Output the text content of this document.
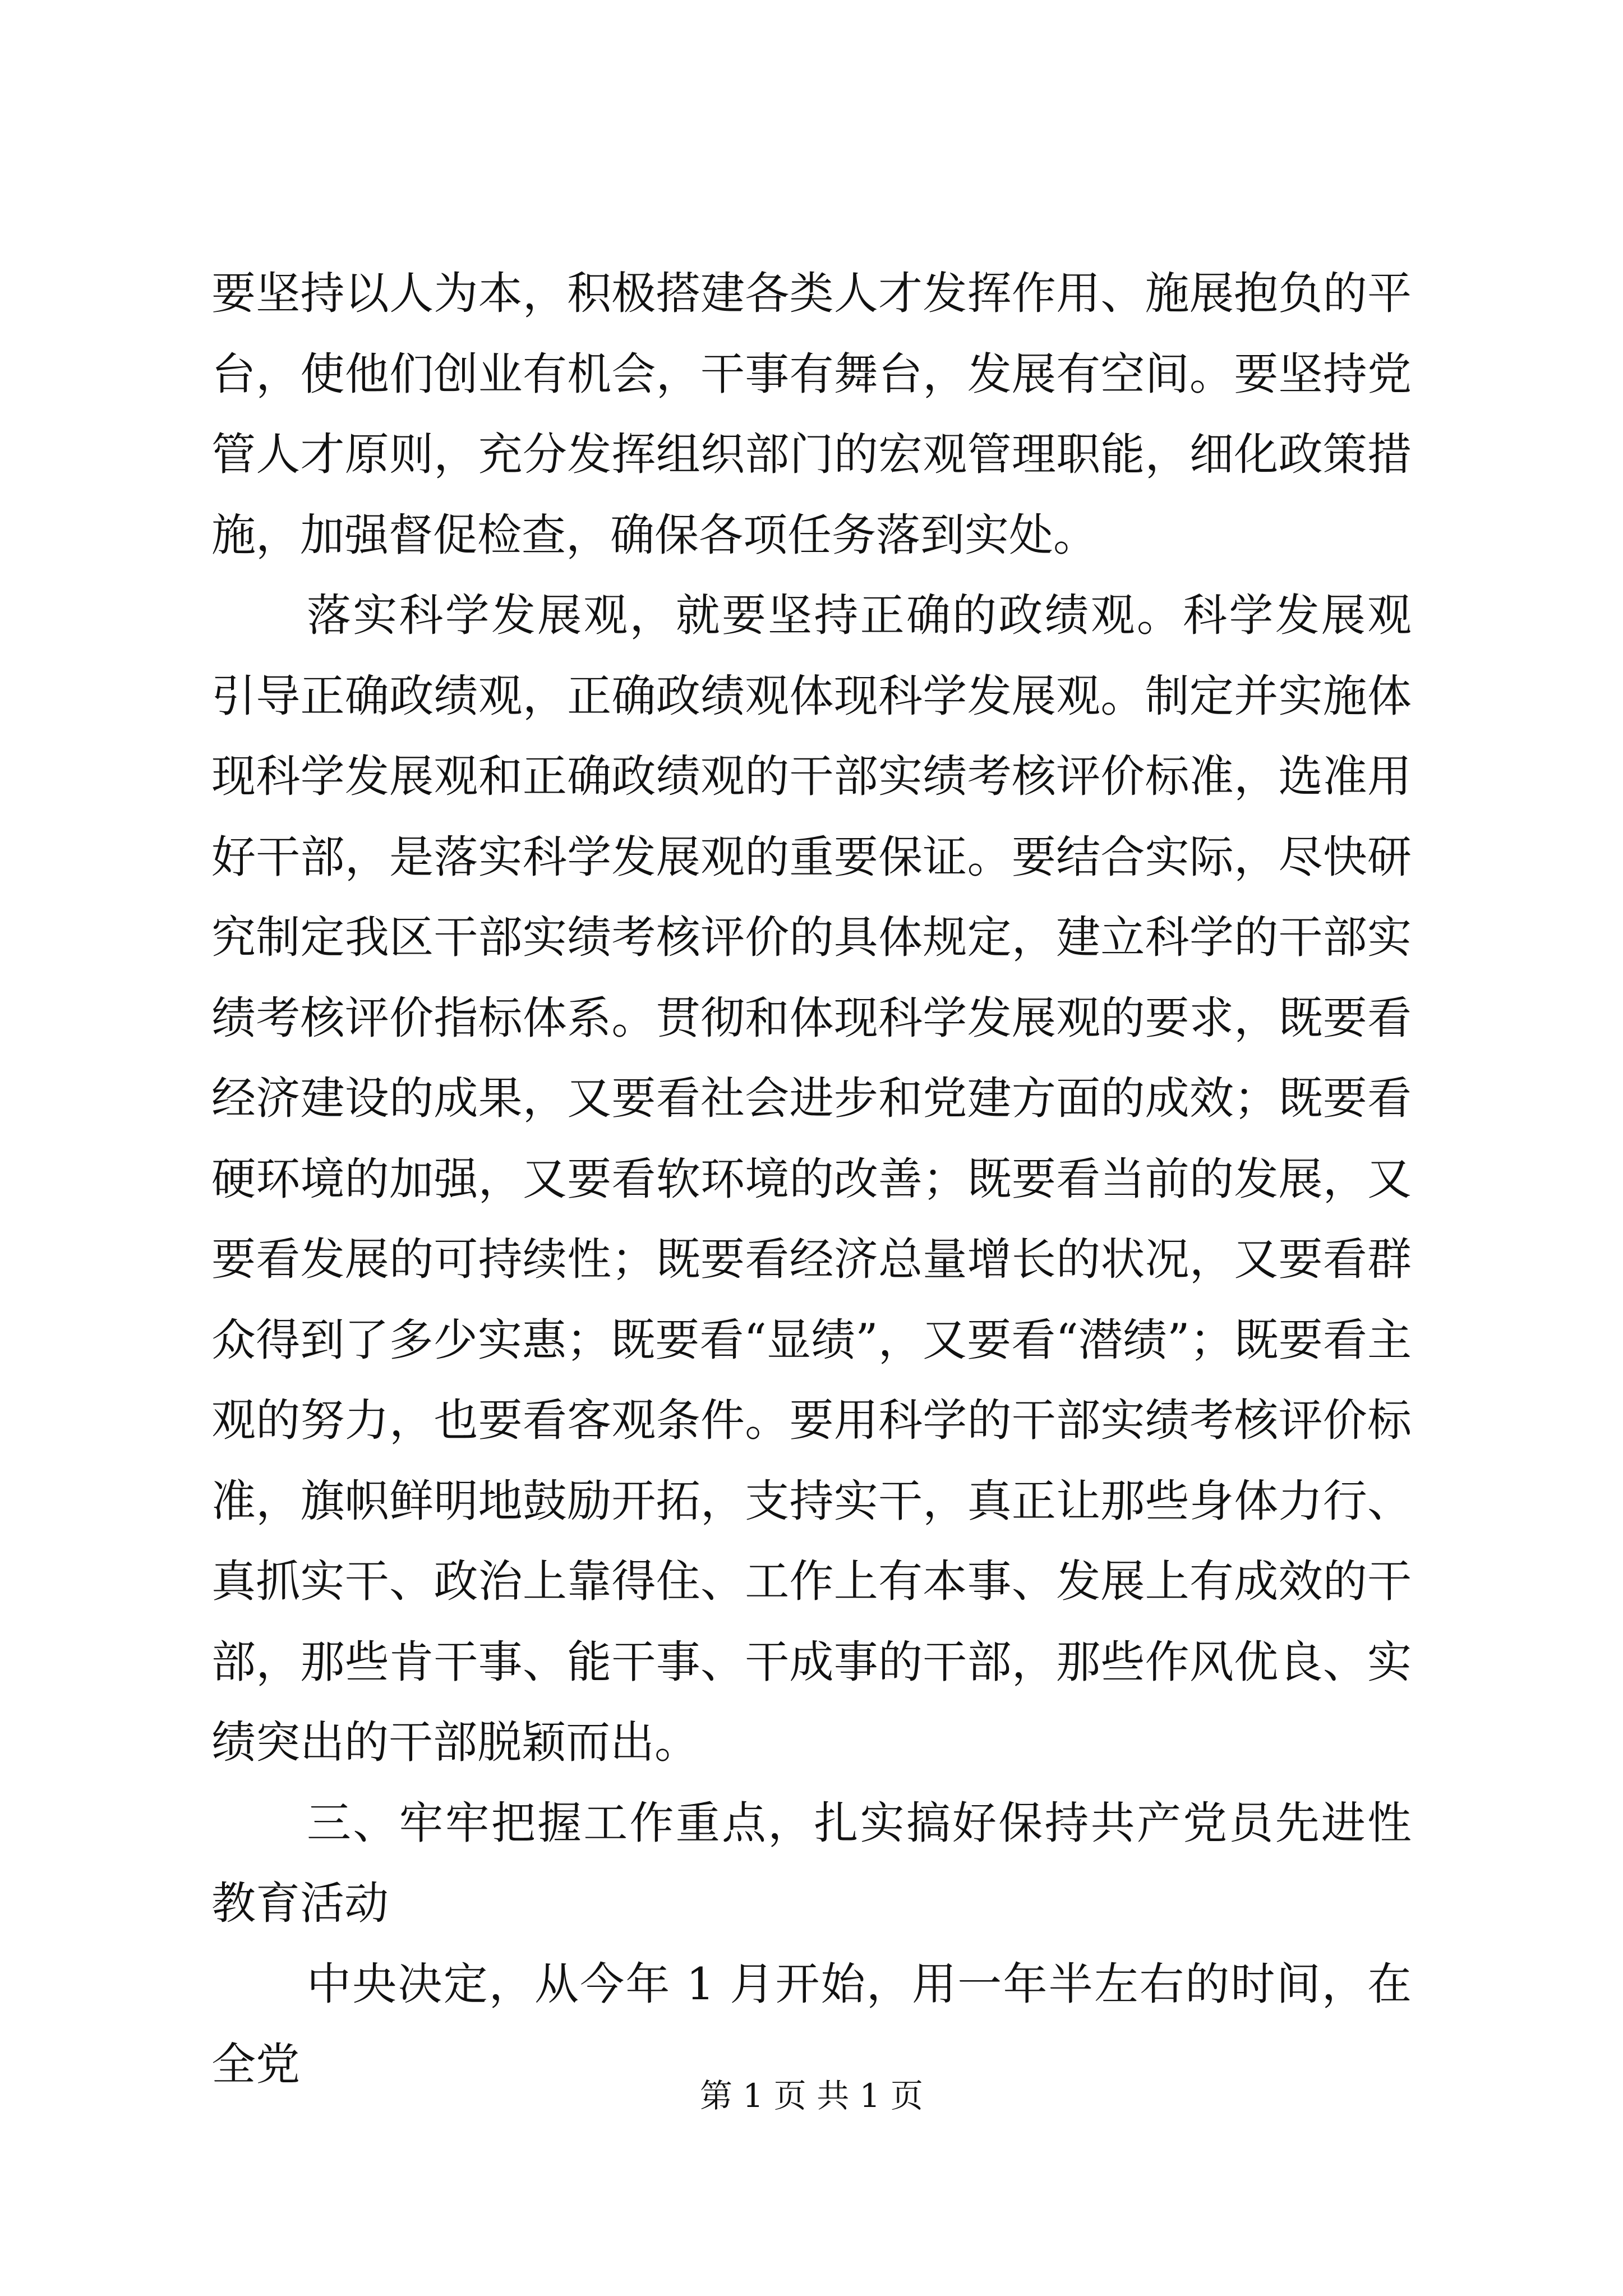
要坚持以人为本，积极搭建各类人才发挥作用、施展抱负的平台，使他们创业有机会，干事有舞台，发展有空间。要坚持党管人才原则，充分发挥组织部门的宏观管理职能，细化政策措施，加强督促检查，确保各项任务落到实处。

落实科学发展观，就要坚持正确的政绩观。科学发展观引导正确政绩观，正确政绩观体现科学发展观。制定并实施体现科学发展观和正确政绩观的干部实绩考核评价标准，选准用好干部，是落实科学发展观的重要保证。要结合实际，尽快研究制定我区干部实绩考核评价的具体规定，建立科学的干部实绩考核评价指标体系。贯彻和体现科学发展观的要求，既要看经济建设的成果，又要看社会进步和党建方面的成效；既要看硬环境的加强，又要看软环境的改善；既要看当前的发展，又要看发展的可持续性；既要看经济总量增长的状况，又要看群众得到了多少实惠；既要看“显绩”，又要看“潜绩”；既要看主观的努力，也要看客观条件。要用科学的干部实绩考核评价标准，旗帜鲜明地鼓励开拓，支持实干，真正让那些身体力行、真抓实干、政治上靠得住、工作上有本事、发展上有成效的干部，那些肯干事、能干事、干成事的干部，那些作风优良、实绩突出的干部脱颖而出。

三、牢牢把握工作重点，扎实搞好保持共产党员先进性教育活动

中央决定，从今年 1 月开始，用一年半左右的时间，在全党

第 1 页 共 1 页
